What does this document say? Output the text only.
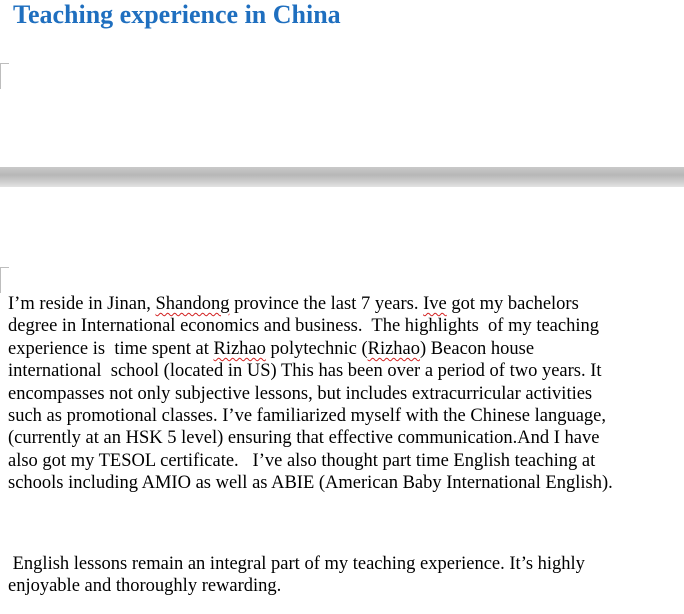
Teaching experience in China
I’m reside in Jinan, Shandong province the last 7 years. Ive got my bachelors
degree in International economics and business.  The highlights  of my teaching
experience is  time spent at Rizhao polytechnic (Rizhao) Beacon house
international  school (located in US) This has been over a period of two years. It
encompasses not only subjective lessons, but includes extracurricular activities
such as promotional classes. I’ve familiarized myself with the Chinese language,
(currently at an HSK 5 level) ensuring that effective communication.And I have
also got my TESOL certificate.   I’ve also thought part time English teaching at
schools including AMIO as well as ABIE (American Baby International English).
English lessons remain an integral part of my teaching experience. It’s highly
enjoyable and thoroughly rewarding.
